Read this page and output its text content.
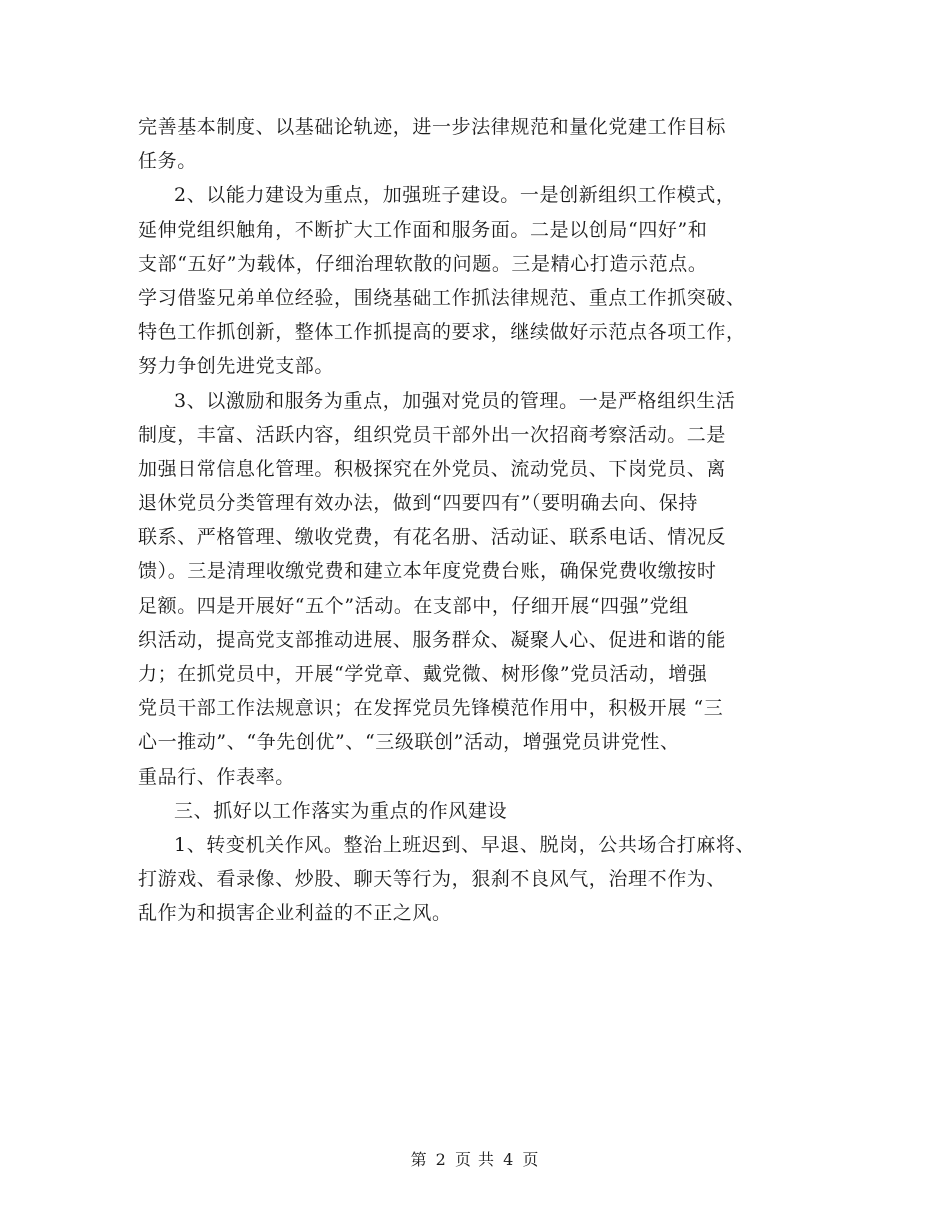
完善基本制度、以基础论轨迹，进一步法律规范和量化党建工作目标
任务。
2、以能力建设为重点，加强班子建设。一是创新组织工作模式，
延伸党组织触角，不断扩大工作面和服务面。二是以创局“四好”和
支部“五好”为载体，仔细治理软散的问题。三是精心打造示范点。
学习借鉴兄弟单位经验，围绕基础工作抓法律规范、重点工作抓突破、
特色工作抓创新，整体工作抓提高的要求，继续做好示范点各项工作，
努力争创先进党支部。
3、以激励和服务为重点，加强对党员的管理。一是严格组织生活
制度，丰富、活跃内容，组织党员干部外出一次招商考察活动。二是
加强日常信息化管理。积极探究在外党员、流动党员、下岗党员、离
退休党员分类管理有效办法，做到“四要四有”（要明确去向、保持
联系、严格管理、缴收党费，有花名册、活动证、联系电话、情况反
馈）。三是清理收缴党费和建立本年度党费台账，确保党费收缴按时
足额。四是开展好“五个”活动。在支部中，仔细开展“四强”党组
织活动，提高党支部推动进展、服务群众、凝聚人心、促进和谐的能
力；在抓党员中，开展“学党章、戴党微、树形像”党员活动，增强
党员干部工作法规意识；在发挥党员先锋模范作用中，积极开展 “三
心一推动”、“争先创优”、“三级联创”活动，增强党员讲党性、
重品行、作表率。
三、抓好以工作落实为重点的作风建设
1、转变机关作风。整治上班迟到、早退、脱岗，公共场合打麻将、
打游戏、看录像、炒股、聊天等行为，狠刹不良风气，治理不作为、
乱作为和损害企业利益的不正之风。
第 2 页 共 4 页
